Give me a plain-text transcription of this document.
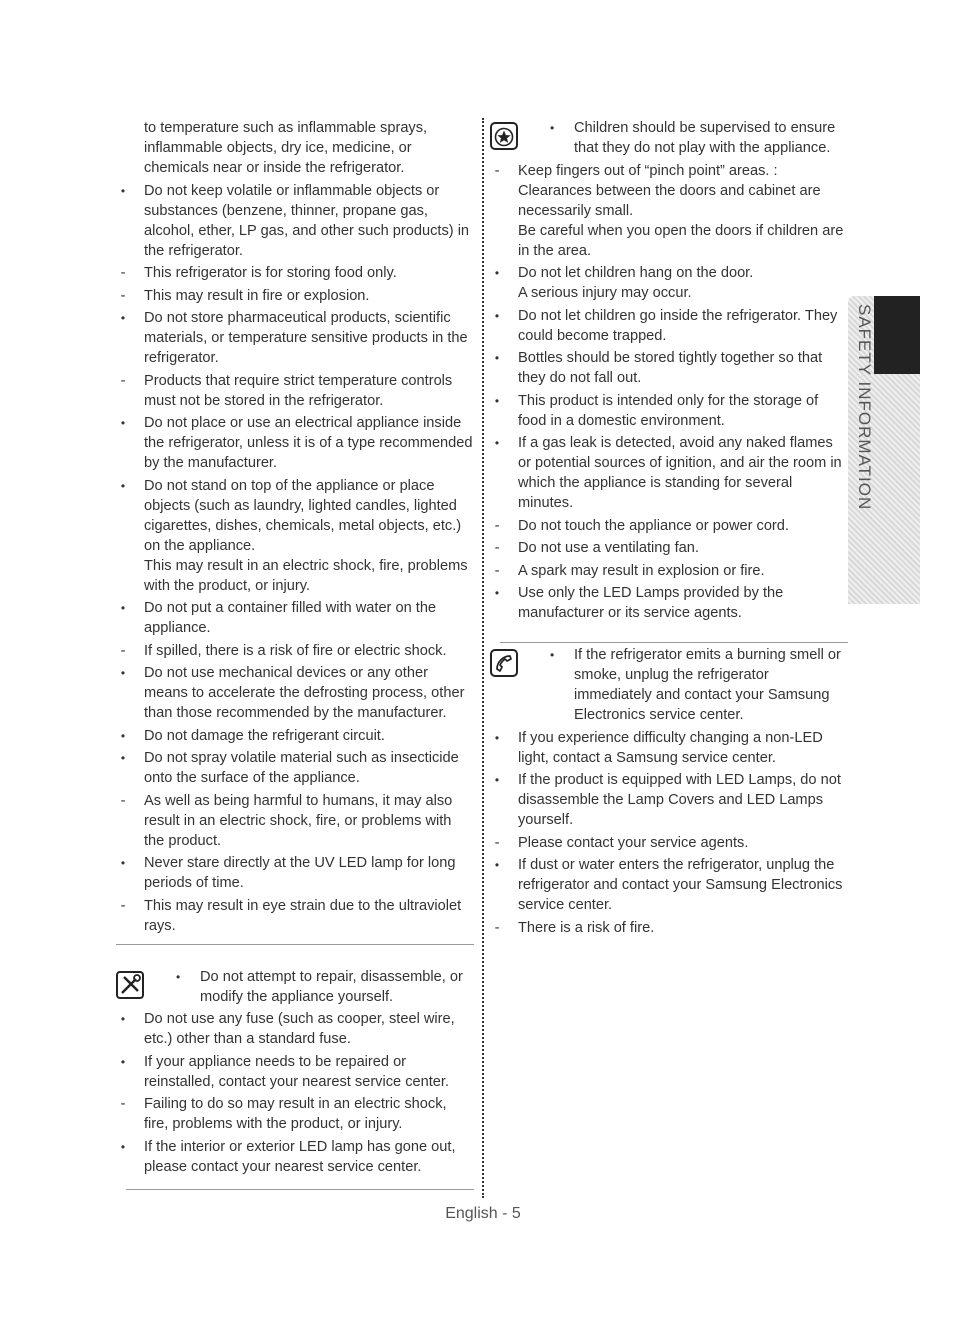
to temperature such as inflammable sprays, inflammable objects, dry ice, medicine, or chemicals near or inside the refrigerator.
•	Do not keep volatile or inflammable objects or substances (benzene, thinner, propane gas, alcohol, ether, LP gas, and other such products) in the refrigerator.
-	This refrigerator is for storing food only.
-	This may result in fire or explosion.
•	Do not store pharmaceutical products, scientific materials, or temperature sensitive products in the refrigerator.
-	Products that require strict temperature controls must not be stored in the refrigerator.
•	Do not place or use an electrical appliance inside the refrigerator, unless it is of a type recommended by the manufacturer.
•	Do not stand on top of the appliance or place objects (such as laundry, lighted candles, lighted cigarettes, dishes, chemicals, metal objects, etc.) on the appliance.
This may result in an electric shock, fire, problems with the product, or injury.
•	Do not put a container filled with water on the appliance.
-	If spilled, there is a risk of fire or electric shock.
•	Do not use mechanical devices or any other means to accelerate the defrosting process, other than those recommended by the manufacturer.
•	Do not damage the refrigerant circuit.
•	Do not spray volatile material such as insecticide onto the surface of the appliance.
-	As well as being harmful to humans, it may also result in an electric shock, fire, or problems with the product.
•	Never stare directly at the UV LED lamp for long periods of time.
-	This may result in eye strain due to the ultraviolet rays.
• Do not attempt to repair, disassemble, or modify the appliance yourself.
•	Do not use any fuse (such as cooper, steel wire, etc.) other than a standard fuse.
•	If your appliance needs to be repaired or reinstalled, contact your nearest service center.
-	Failing to do so may result in an electric shock, fire, problems with the product, or injury.
•	If the interior or exterior LED lamp has gone out, please contact your nearest service center.
• Children should be supervised to ensure that they do not play with the appliance.
-	Keep fingers out of “pinch point” areas. : Clearances between the doors and cabinet are necessarily small.
Be careful when you open the doors if children are in the area.
•	Do not let children hang on the door.
A serious injury may occur.
•	Do not let children go inside the refrigerator. They could become trapped.
•	Bottles should be stored tightly together so that they do not fall out.
•	This product is intended only for the storage of food in a domestic environment.
•	If a gas leak is detected, avoid any naked flames or potential sources of ignition, and air the room in which the appliance is standing for several minutes.
-	Do not touch the appliance or power cord.
-	Do not use a ventilating fan.
-	A spark may result in explosion or fire.
•	Use only the LED Lamps provided by the manufacturer or its service agents.
• If the refrigerator emits a burning smell or smoke, unplug the refrigerator immediately and contact your Samsung Electronics service center.
•	If you experience difficulty changing a non-LED light, contact a Samsung service center.
•	If the product is equipped with LED Lamps, do not disassemble the Lamp Covers and LED Lamps yourself.
-	Please contact your service agents.
•	If dust or water enters the refrigerator, unplug the refrigerator and contact your Samsung Electronics service center.
-	There is a risk of fire.
SAFETY INFORMATION
English - 5
